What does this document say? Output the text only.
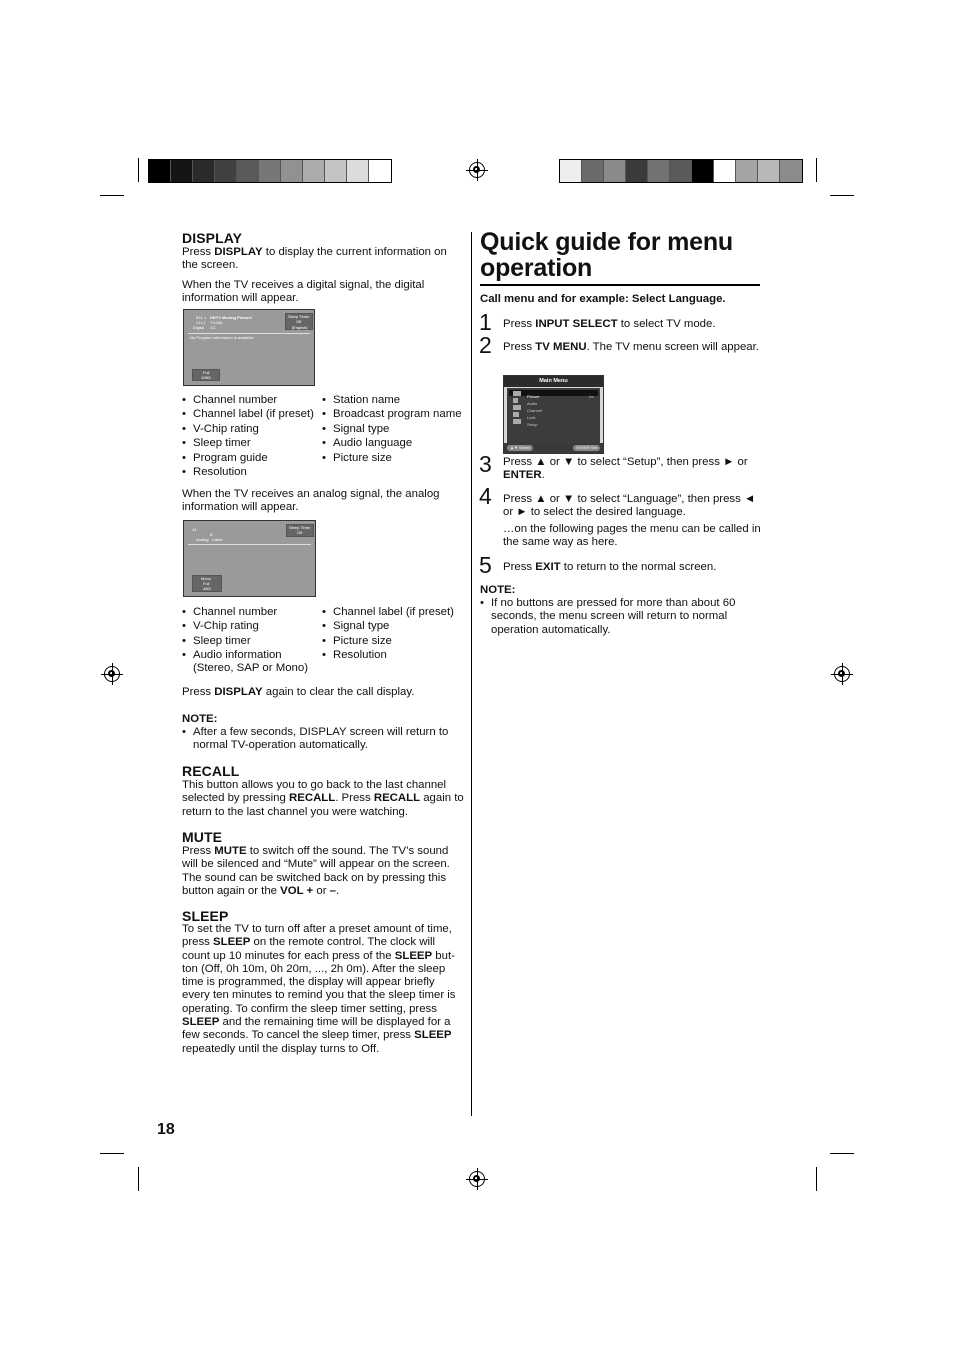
DISPLAY

Press DISPLAY to display the current information on the screen.

When the TV receives a digital signal, the digital information will appear.

621-1
CH-1
Digital
HDTV Moving Picture!
TV-MA
CC
Sleep Timer
Off
[English]
No Program Information is available
Full
1080i
• Channel number
• Channel label (if preset)
• V-Chip rating
• Sleep timer
• Program guide
• Resolution
• Station name
• Broadcast program name
• Signal type
• Audio language
• Picture size

When the TV receives an analog signal, the analog information will appear.

14
B
Analog Cable
Sleep Timer
Off
Mono
Full
480i
• Channel number
• V-Chip rating
• Sleep timer
• Audio information (Stereo, SAP or Mono)
• Channel label (if preset)
• Signal type
• Picture size
• Resolution

Press DISPLAY again to clear the call display.

NOTE:

• After a few seconds, DISPLAY screen will return to normal TV-operation automatically.
RECALL

This button allows you to go back to the last channel selected by pressing RECALL. Press RECALL again to return to the last channel you were watching.

MUTE

Press MUTE to switch off the sound. The TV’s sound will be silenced and “Mute” will appear on the screen. The sound can be switched back on by pressing this button again or the VOL + or –.

SLEEP

To set the TV to turn off after a preset amount of time, press SLEEP on the remote control. The clock will count up 10 minutes for each press of the SLEEP but-ton (Off, 0h 10m, 0h 20m, ..., 2h 0m). After the sleep time is programmed, the display will appear briefly every ten minutes to remind you that the sleep timer is operating. To confirm the sleep timer setting, press SLEEP and the remaining time will be displayed for a few seconds. To cancel the sleep timer, press SLEEP repeatedly until the display turns to Off.

18
Quick guide for menu
operation

Call menu and for example: Select Language.

1 Press INPUT SELECT to select TV mode.

2 Press TV MENU. The TV menu screen will appear.

Main Menu
Picture	>>
Audio
Channel
Lock
Setup
▲▼ Select	ENTER Set
3 Press ▲ or ▼ to select “Setup”, then press ► or ENTER.

4 Press ▲ or ▼ to select “Language”, then press ◄ or ► to select the desired language.

…on the following pages the menu can be called in the same way as here.

5 Press EXIT to return to the normal screen.

NOTE:

• If no buttons are pressed for more than about 60 seconds, the menu screen will return to normal operation automatically.
